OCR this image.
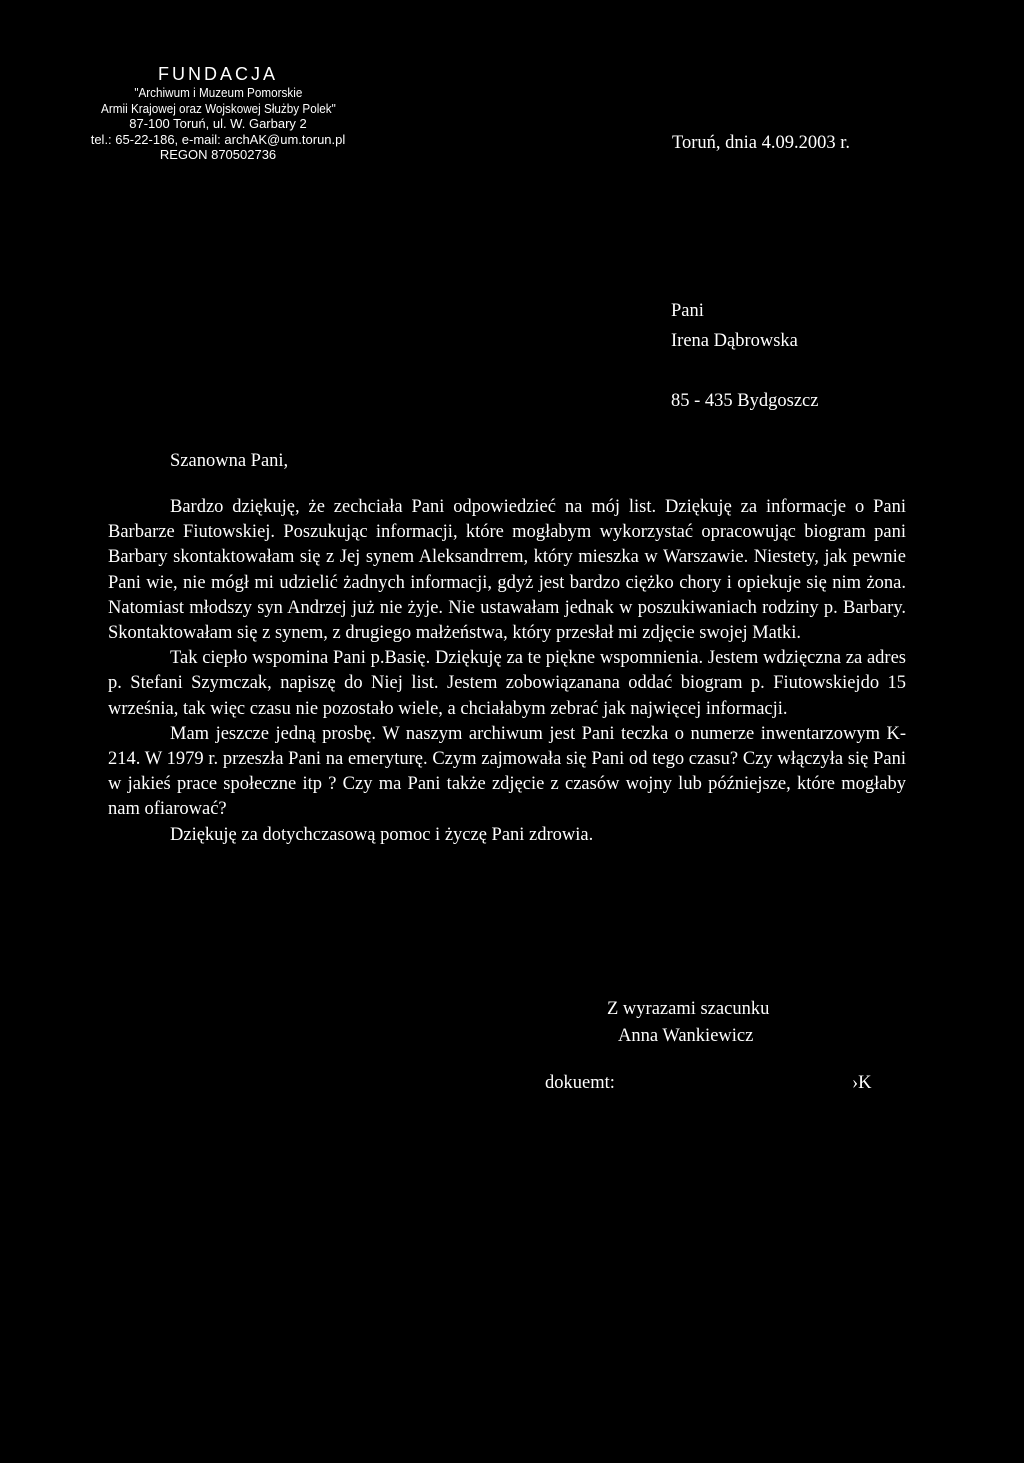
FUNDACJA
"Archiwum i Muzeum Pomorskie
Armii Krajowej oraz Wojskowej Służby Polek"
87-100 Toruń, ul. W. Garbary 2
tel.: 65-22-186, e-mail: archAK@um.torun.pl
REGON 870502736
Toruń, dnia 4.09.2003 r.
Pani
Irena Dąbrowska
85 - 435 Bydgoszcz
Szanowna Pani,

Bardzo dziękuję, że zechciała Pani odpowiedzieć na mój list. Dziękuję za informacje o Pani Barbarze Fiutowskiej. Poszukując informacji, które mogłabym wykorzystać opracowując biogram pani Barbary skontaktowałam się z Jej synem Aleksandrrem, który mieszka w Warszawie. Niestety, jak pewnie Pani wie, nie mógł mi udzielić żadnych informacji, gdyż jest bardzo ciężko chory i opiekuje się nim żona. Natomiast młodszy syn Andrzej już nie żyje. Nie ustawałam jednak w poszukiwaniach rodziny p. Barbary. Skontaktowałam się z synem, z drugiego małżeństwa, który przesłał mi zdjęcie swojej Matki.

Tak ciepło wspomina Pani p.Basię. Dziękuję za te piękne wspomnienia. Jestem wdzięczna za adres p. Stefani Szymczak, napiszę do Niej list. Jestem zobowiązanana oddać biogram p. Fiutowskiejdo 15 września, tak więc czasu nie pozostało wiele, a chciałabym zebrać jak najwięcej informacji.

Mam jeszcze jedną prosbę. W naszym archiwum jest Pani teczka o numerze inwentarzowym K-214. W 1979 r. przeszła Pani na emeryturę. Czym zajmowała się Pani od tego czasu? Czy włączyła się Pani w jakieś prace społeczne itp ? Czy ma Pani także zdjęcie z czasów wojny lub późniejsze, które mogłaby nam ofiarować?

Dziękuję za dotychczasową pomoc i życzę Pani zdrowia.

Z wyrazami szacunku
Anna Wankiewicz
dokuemt:	›K
